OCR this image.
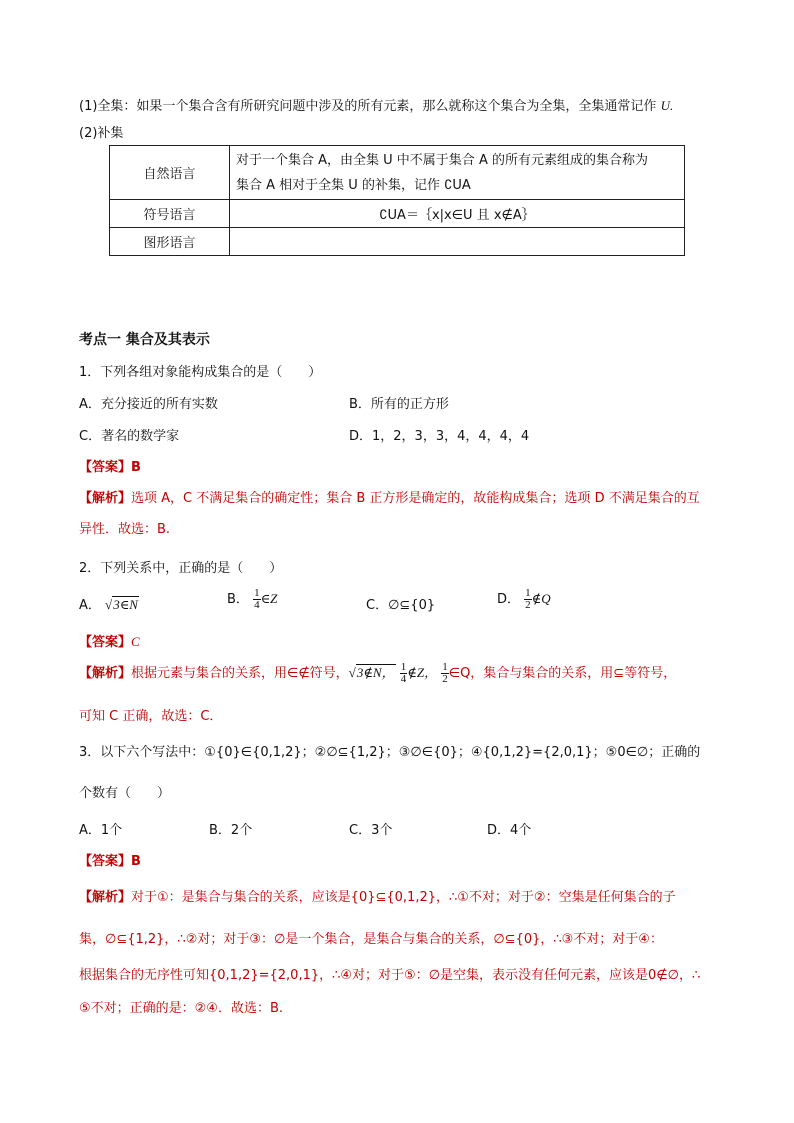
(1)全集：如果一个集合含有所研究问题中涉及的所有元素，那么就称这个集合为全集，全集通常记作 U.
(2)补集
自然语言	对于一个集合 A，由全集 U 中不属于集合 A 的所有元素组成的集合称为
集合 A 相对于全集 U 的补集，记作 ∁UA

符号语言	∁UA＝｛x|x∈U 且 x∉A｝
图形语言	
考点一 集合及其表示
1．下列各组对象能构成集合的是（　　）
A．充分接近的所有实数	B．所有的正方形
C．著名的数学家	D．1，2，3，3，4，4，4，4
【答案】B
【解析】选项 A，C 不满足集合的确定性；集合 B 正方形是确定的，故能构成集合；选项 D 不满足集合的互
异性．故选：B.
2．下列关系中，正确的是（　　）
A． √3∈N	B． $\frac{1}{4}$ ∈Z	C．∅⊆{0}	D． $\frac{1}{2}$ ∉Q
【答案】C
【解析】根据元素与集合的关系，用∈∉符号，√3∉N， $\frac{1}{4}$ ∉Z， $\frac{1}{2}$ ∈Q，集合与集合的关系，用⊆等符号，
可知 C 正确，故选：C．
3．以下六个写法中：①{0}∈{0,1,2}；②∅⊆{1,2}；③∅∈{0}；④{0,1,2}={2,0,1}；⑤0∈∅；正确的
个数有（　　）
A．1个	B．2个	C．3个	D．4个
【答案】B
【解析】对于①：是集合与集合的关系，应该是{0}⊆{0,1,2}，∴①不对；对于②：空集是任何集合的子
集，∅⊆{1,2}，∴②对；对于③：∅是一个集合，是集合与集合的关系，∅⊆{0}，∴③不对；对于④：
根据集合的无序性可知{0,1,2}={2,0,1}，∴④对；对于⑤：∅是空集，表示没有任何元素，应该是0∉∅，∴
⑤不对；正确的是：②④．故选：B.
